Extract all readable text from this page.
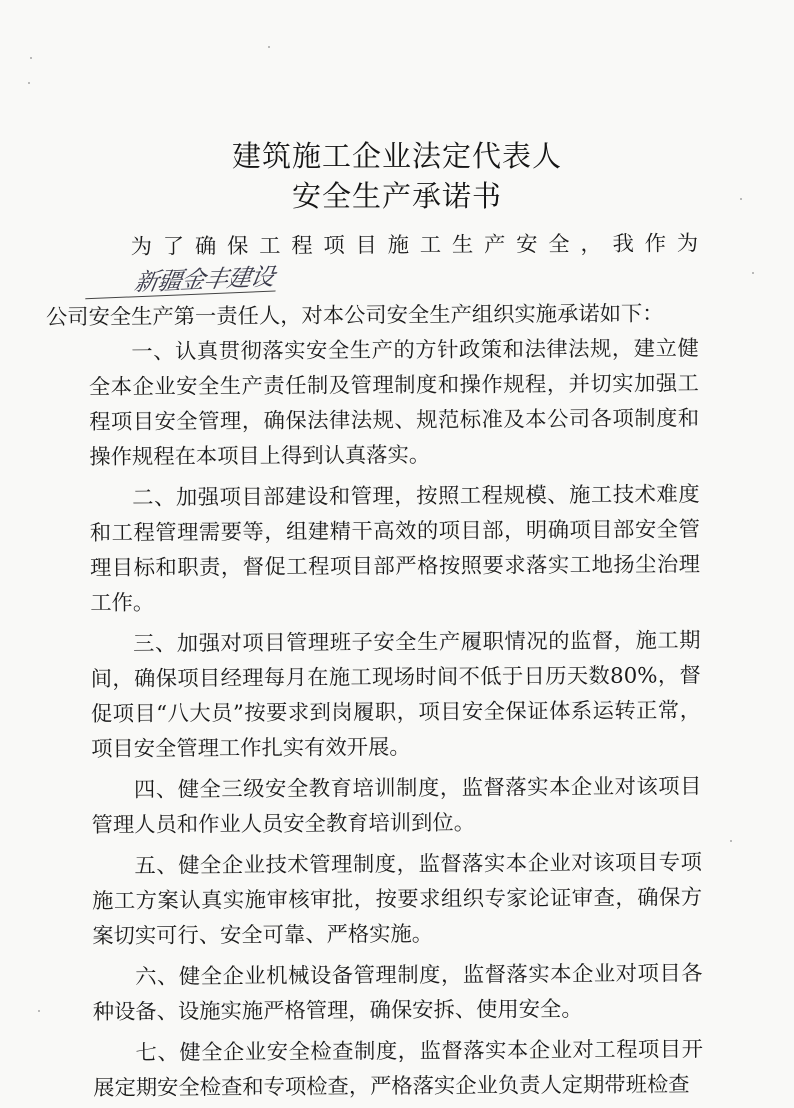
建筑施工企业法定代表人
安全生产承诺书

为了确保工程项目施工生产安全，我作为新疆金丰建设
公司安全生产第一责任人，对本公司安全生产组织实施承诺如下：

一、认真贯彻落实安全生产的方针政策和法律法规，建立健全本企业安全生产责任制及管理制度和操作规程，并切实加强工程项目安全管理，确保法律法规、规范标准及本公司各项制度和操作规程在本项目上得到认真落实。

二、加强项目部建设和管理，按照工程规模、施工技术难度和工程管理需要等，组建精干高效的项目部，明确项目部安全管理目标和职责，督促工程项目部严格按照要求落实工地扬尘治理工作。

三、加强对项目管理班子安全生产履职情况的监督，施工期间，确保项目经理每月在施工现场时间不低于日历天数80%，督促项目“八大员”按要求到岗履职，项目安全保证体系运转正常，项目安全管理工作扎实有效开展。

四、健全三级安全教育培训制度，监督落实本企业对该项目管理人员和作业人员安全教育培训到位。

五、健全企业技术管理制度，监督落实本企业对该项目专项施工方案认真实施审核审批，按要求组织专家论证审查，确保方案切实可行、安全可靠、严格实施。

六、健全企业机械设备管理制度，监督落实本企业对项目各种设备、设施实施严格管理，确保安拆、使用安全。

七、健全企业安全检查制度，监督落实本企业对工程项目开展定期安全检查和专项检查，严格落实企业负责人定期带班检查
